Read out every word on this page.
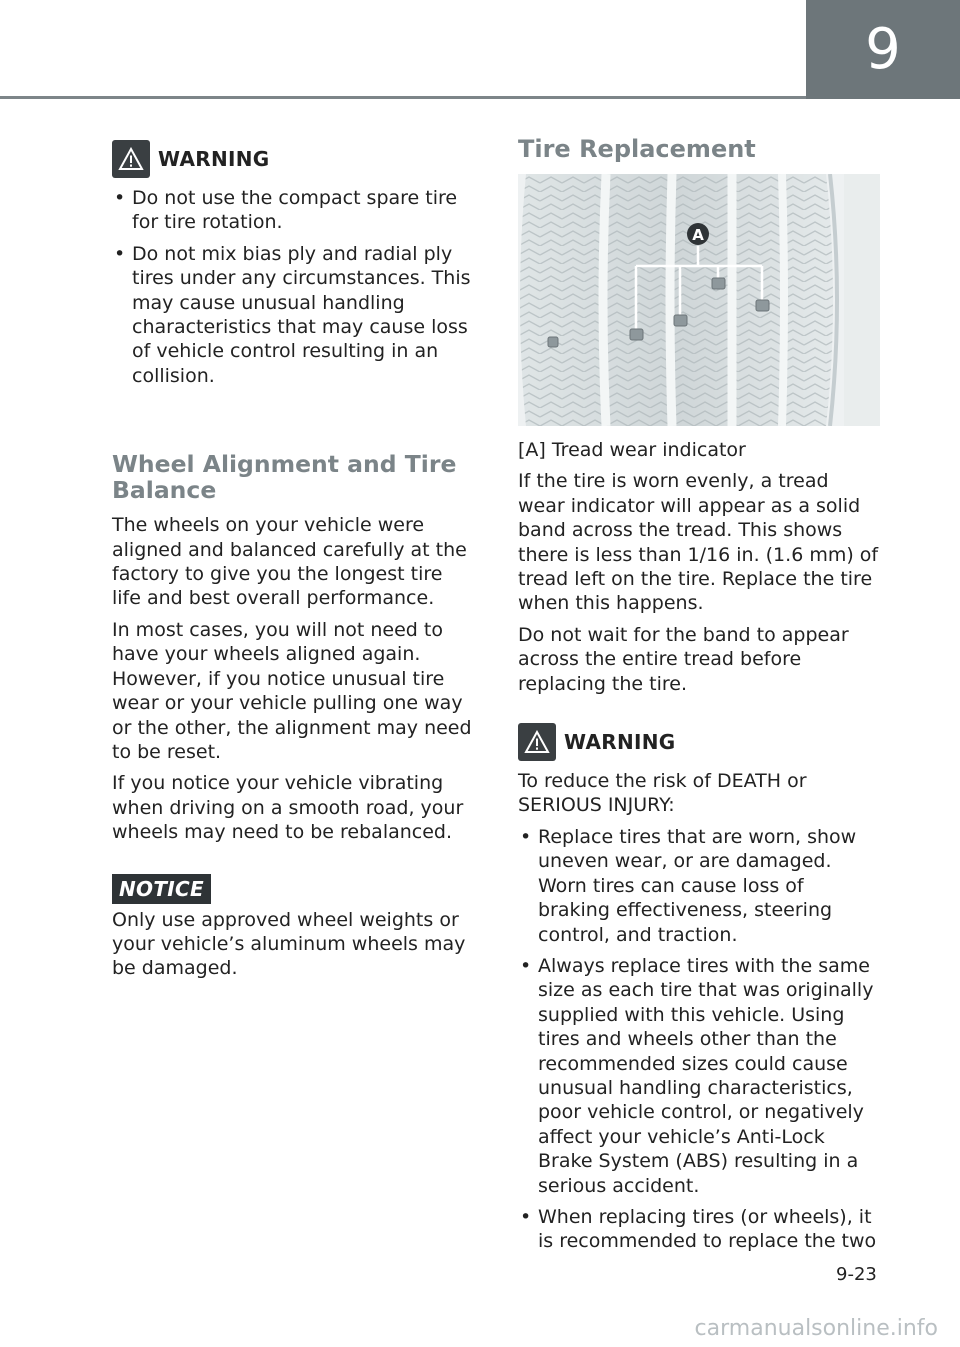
9
WARNING
• Do not use the compact spare tire for tire rotation.
• Do not mix bias ply and radial ply tires under any circumstances. This may cause unusual handling characteristics that may cause loss of vehicle control resulting in an collision.
Wheel Alignment and Tire
Balance

The wheels on your vehicle were aligned and balanced carefully at the factory to give you the longest tire life and best overall performance.

In most cases, you will not need to have your wheels aligned again. However, if you notice unusual tire wear or your vehicle pulling one way or the other, the alignment may need to be reset.

If you notice your vehicle vibrating when driving on a smooth road, your wheels may need to be rebalanced.

NOTICE

Only use approved wheel weights or your vehicle’s aluminum wheels may be damaged.

Tire Replacement
A

[A] Tread wear indicator

If the tire is worn evenly, a tread wear indicator will appear as a solid band across the tread. This shows there is less than 1/16 in. (1.6 mm) of tread left on the tire. Replace the tire when this happens.

Do not wait for the band to appear across the entire tread before replacing the tire.

WARNING

To reduce the risk of DEATH or SERIOUS INJURY:

• Replace tires that are worn, show uneven wear, or are damaged. Worn tires can cause loss of braking effectiveness, steering control, and traction.
• Always replace tires with the same size as each tire that was originally supplied with this vehicle. Using tires and wheels other than the recommended sizes could cause unusual handling characteristics, poor vehicle control, or negatively affect your vehicle’s Anti-Lock Brake System (ABS) resulting in a serious accident.
• When replacing tires (or wheels), it is recommended to replace the two
9-23
carmanualsonline.info
